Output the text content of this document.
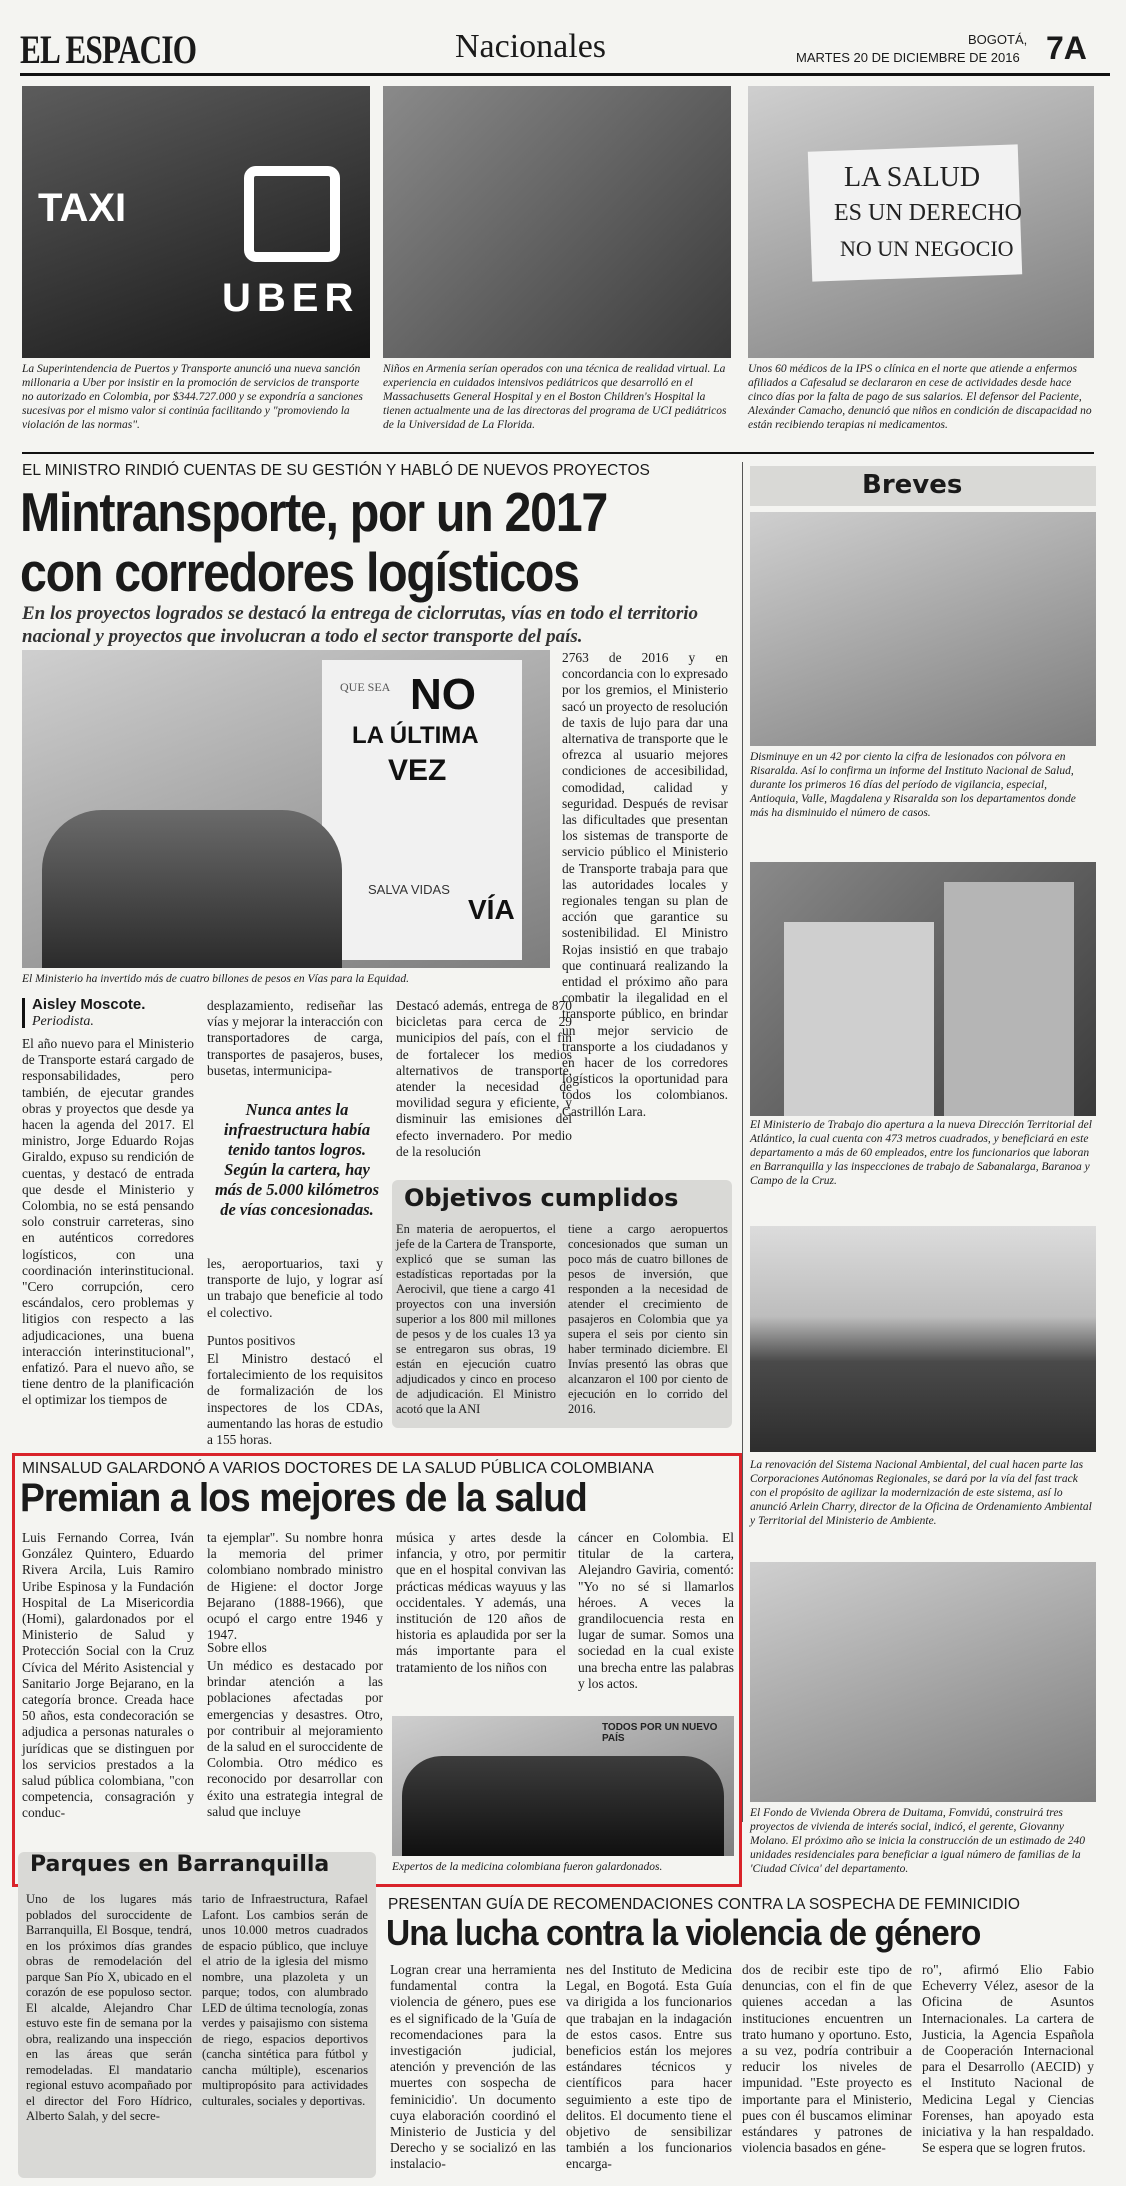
EL ESPACIO	Nacionales	BOGOTÁ,
MARTES 20 DE DICIEMBRE DE 2016 7A
TAXI
UBER
La Superintendencia de Puertos y Transporte anunció una nueva sanción millonaria a Uber por insistir en la promoción de servicios de transporte no autorizado en Colombia, por $344.727.000 y se expondría a sanciones sucesivas por el mismo valor si continúa facilitando y "promoviendo la violación de las normas".
Niños en Armenia serían operados con una técnica de realidad virtual. La experiencia en cuidados intensivos pediátricos que desarrolló en el Massachusetts General Hospital y en el Boston Children's Hospital la tienen actualmente una de las directoras del programa de UCI pediátricos de la Universidad de La Florida.
LA SALUD
ES UN DERECHO
NO UN NEGOCIO
Unos 60 médicos de la IPS o clínica en el norte que atiende a enfermos afiliados a Cafesalud se declararon en cese de actividades desde hace cinco días por la falta de pago de sus salarios. El defensor del Paciente, Alexánder Camacho, denunció que niños en condición de discapacidad no están recibiendo terapias ni medicamentos.
EL MINISTRO RINDIÓ CUENTAS DE SU GESTIÓN Y HABLÓ DE NUEVOS PROYECTOS
Mintransporte, por un 2017
con corredores logísticos
En los proyectos logrados se destacó la entrega de ciclorrutas, vías en todo el territorio nacional y proyectos que involucran a todo el sector transporte del país.
QUE SEA NO
LA ÚLTIMA
VEZ
SALVA VIDAS
VÍA
El Ministerio ha invertido más de cuatro billones de pesos en Vías para la Equidad.
2763 de 2016 y en concordancia con lo expresado por los gremios, el Ministerio sacó un proyecto de resolución de taxis de lujo para dar una alternativa de transporte que le ofrezca al usuario mejores condiciones de accesibilidad, comodidad, calidad y seguridad. Después de revisar las dificultades que presentan los sistemas de transporte de servicio público el Ministerio de Transporte trabaja para que las autoridades locales y regionales tengan su plan de acción que garantice su sostenibilidad. El Ministro Rojas insistió en que trabajo que continuará realizando la entidad el próximo año para combatir la ilegalidad en el transporte público, en brindar un mejor servicio de transporte a los ciudadanos y en hacer de los corredores logísticos la oportunidad para todos los colombianos. Castrillón Lara.
Aisley Moscote.
Periodista.
El año nuevo para el Ministerio de Transporte estará cargado de responsabilidades, pero también, de ejecutar grandes obras y proyectos que desde ya hacen la agenda del 2017. El ministro, Jorge Eduardo Rojas Giraldo, expuso su rendición de cuentas, y destacó de entrada que desde el Ministerio y Colombia, no se está pensando solo construir carreteras, sino en auténticos corredores logísticos, con una coordinación interinstitucional. "Cero corrupción, cero escándalos, cero problemas y litigios con respecto a las adjudicaciones, una buena interacción interinstitucional", enfatizó. Para el nuevo año, se tiene dentro de la planificación el optimizar los tiempos de
desplazamiento, rediseñar las vías y mejorar la interacción con transportadores de carga, transportes de pasajeros, buses, busetas, intermunicipa-
Nunca antes la infraestructura había tenido tantos logros. Según la cartera, hay más de 5.000 kilómetros de vías concesionadas.
les, aeroportuarios, taxi y transporte de lujo, y lograr así un trabajo que beneficie al todo el colectivo.
Puntos positivos
El Ministro destacó el fortalecimiento de los requisitos de formalización de los inspectores de los CDAs, aumentando las horas de estudio a 155 horas.
Destacó además, entrega de 870 bicicletas para cerca de 29 municipios del país, con el fin de fortalecer los medios alternativos de transporte, atender la necesidad de movilidad segura y eficiente, y disminuir las emisiones del efecto invernadero. Por medio de la resolución
Objetivos cumplidos
En materia de aeropuertos, el jefe de la Cartera de Transporte, explicó que se suman las estadísticas reportadas por la Aerocivil, que tiene a cargo 41 proyectos con una inversión superior a los 800 mil millones de pesos y de los cuales 13 ya se entregaron sus obras, 19 están en ejecución cuatro adjudicados y cinco en proceso de adjudicación. El Ministro acotó que la ANI
tiene a cargo aeropuertos concesionados que suman un poco más de cuatro billones de pesos de inversión, que responden a la necesidad de atender el crecimiento de pasajeros en Colombia que ya supera el seis por ciento sin haber terminado diciembre. El Invías presentó las obras que alcanzaron el 100 por ciento de ejecución en lo corrido del 2016.
Breves
Disminuye en un 42 por ciento la cifra de lesionados con pólvora en Risaralda. Así lo confirma un informe del Instituto Nacional de Salud, durante los primeros 16 días del período de vigilancia, especial, Antioquia, Valle, Magdalena y Risaralda son los departamentos donde más ha disminuido el número de casos.
El Ministerio de Trabajo dio apertura a la nueva Dirección Territorial del Atlántico, la cual cuenta con 473 metros cuadrados, y beneficiará en este departamento a más de 60 empleados, entre los funcionarios que laboran en Barranquilla y las inspecciones de trabajo de Sabanalarga, Baranoa y Campo de la Cruz.
La renovación del Sistema Nacional Ambiental, del cual hacen parte las Corporaciones Autónomas Regionales, se dará por la vía del fast track con el propósito de agilizar la modernización de este sistema, así lo anunció Arlein Charry, director de la Oficina de Ordenamiento Ambiental y Territorial del Ministerio de Ambiente.
El Fondo de Vivienda Obrera de Duitama, Fomvidú, construirá tres proyectos de vivienda de interés social, indicó, el gerente, Giovanny Molano. El próximo año se inicia la construcción de un estimado de 240 unidades residenciales para beneficiar a igual número de familias de la 'Ciudad Cívica' del departamento.
MINSALUD GALARDONÓ A VARIOS DOCTORES DE LA SALUD PÚBLICA COLOMBIANA
Premian a los mejores de la salud
Luis Fernando Correa, Iván González Quintero, Eduardo Rivera Arcila, Luis Ramiro Uribe Espinosa y la Fundación Hospital de La Misericordia (Homi), galardonados por el Ministerio de Salud y Protección Social con la Cruz Cívica del Mérito Asistencial y Sanitario Jorge Bejarano, en la categoría bronce. Creada hace 50 años, esta condecoración se adjudica a personas naturales o jurídicas que se distinguen por los servicios prestados a la salud pública colombiana, "con competencia, consagración y conduc-
ta ejemplar". Su nombre honra la memoria del primer colombiano nombrado ministro de Higiene: el doctor Jorge Bejarano (1888-1966), que ocupó el cargo entre 1946 y 1947.
Sobre ellos
Un médico es destacado por brindar atención a las poblaciones afectadas por emergencias y desastres. Otro, por contribuir al mejoramiento de la salud en el suroccidente de Colombia. Otro médico es reconocido por desarrollar con éxito una estrategia integral de salud que incluye
música y artes desde la infancia, y otro, por permitir que en el hospital convivan las prácticas médicas wayuus y las occidentales. Y además, una institución de 120 años de historia es aplaudida por ser la más importante para el tratamiento de los niños con
cáncer en Colombia. El titular de la cartera, Alejandro Gaviria, comentó: "Yo no sé si llamarlos héroes. A veces la grandilocuencia resta en lugar de sumar. Somos una sociedad en la cual existe una brecha entre las palabras y los actos.
TODOS POR UN NUEVO PAÍS
Expertos de la medicina colombiana fueron galardonados.
Parques en Barranquilla
Uno de los lugares más poblados del suroccidente de Barranquilla, El Bosque, tendrá, en los próximos días grandes obras de remodelación del parque San Pío X, ubicado en el corazón de ese populoso sector. El alcalde, Alejandro Char estuvo este fin de semana por la obra, realizando una inspección en las áreas que serán remodeladas. El mandatario regional estuvo acompañado por el director del Foro Hídrico, Alberto Salah, y del secre-
tario de Infraestructura, Rafael Lafont. Los cambios serán de unos 10.000 metros cuadrados de espacio público, que incluye el atrio de la iglesia del mismo nombre, una plazoleta y un parque; todos, con alumbrado LED de última tecnología, zonas verdes y paisajismo con sistema de riego, espacios deportivos (cancha sintética para fútbol y cancha múltiple), escenarios multipropósito para actividades culturales, sociales y deportivas.
PRESENTAN GUÍA DE RECOMENDACIONES CONTRA LA SOSPECHA DE FEMINICIDIO
Una lucha contra la violencia de género
Logran crear una herramienta fundamental contra la violencia de género, pues ese es el significado de la 'Guía de recomendaciones para la investigación judicial, atención y prevención de las muertes con sospecha de feminicidio'. Un documento cuya elaboración coordinó el Ministerio de Justicia y del Derecho y se socializó en las instalacio-
nes del Instituto de Medicina Legal, en Bogotá. Esta Guía va dirigida a los funcionarios que trabajan en la indagación de estos casos. Entre sus beneficios están los mejores estándares técnicos y científicos para hacer seguimiento a este tipo de delitos. El documento tiene el objetivo de sensibilizar también a los funcionarios encarga-
dos de recibir este tipo de denuncias, con el fin de que quienes accedan a las instituciones encuentren un trato humano y oportuno. Esto, a su vez, podría contribuir a reducir los niveles de impunidad. "Este proyecto es importante para el Ministerio, pues con él buscamos eliminar estándares y patrones de violencia basados en géne-
ro", afirmó Elio Fabio Echeverry Vélez, asesor de la Oficina de Asuntos Internacionales. La cartera de Justicia, la Agencia Española de Cooperación Internacional para el Desarrollo (AECID) y el Instituto Nacional de Medicina Legal y Ciencias Forenses, han apoyado esta iniciativa y la han respaldado. Se espera que se logren frutos.
